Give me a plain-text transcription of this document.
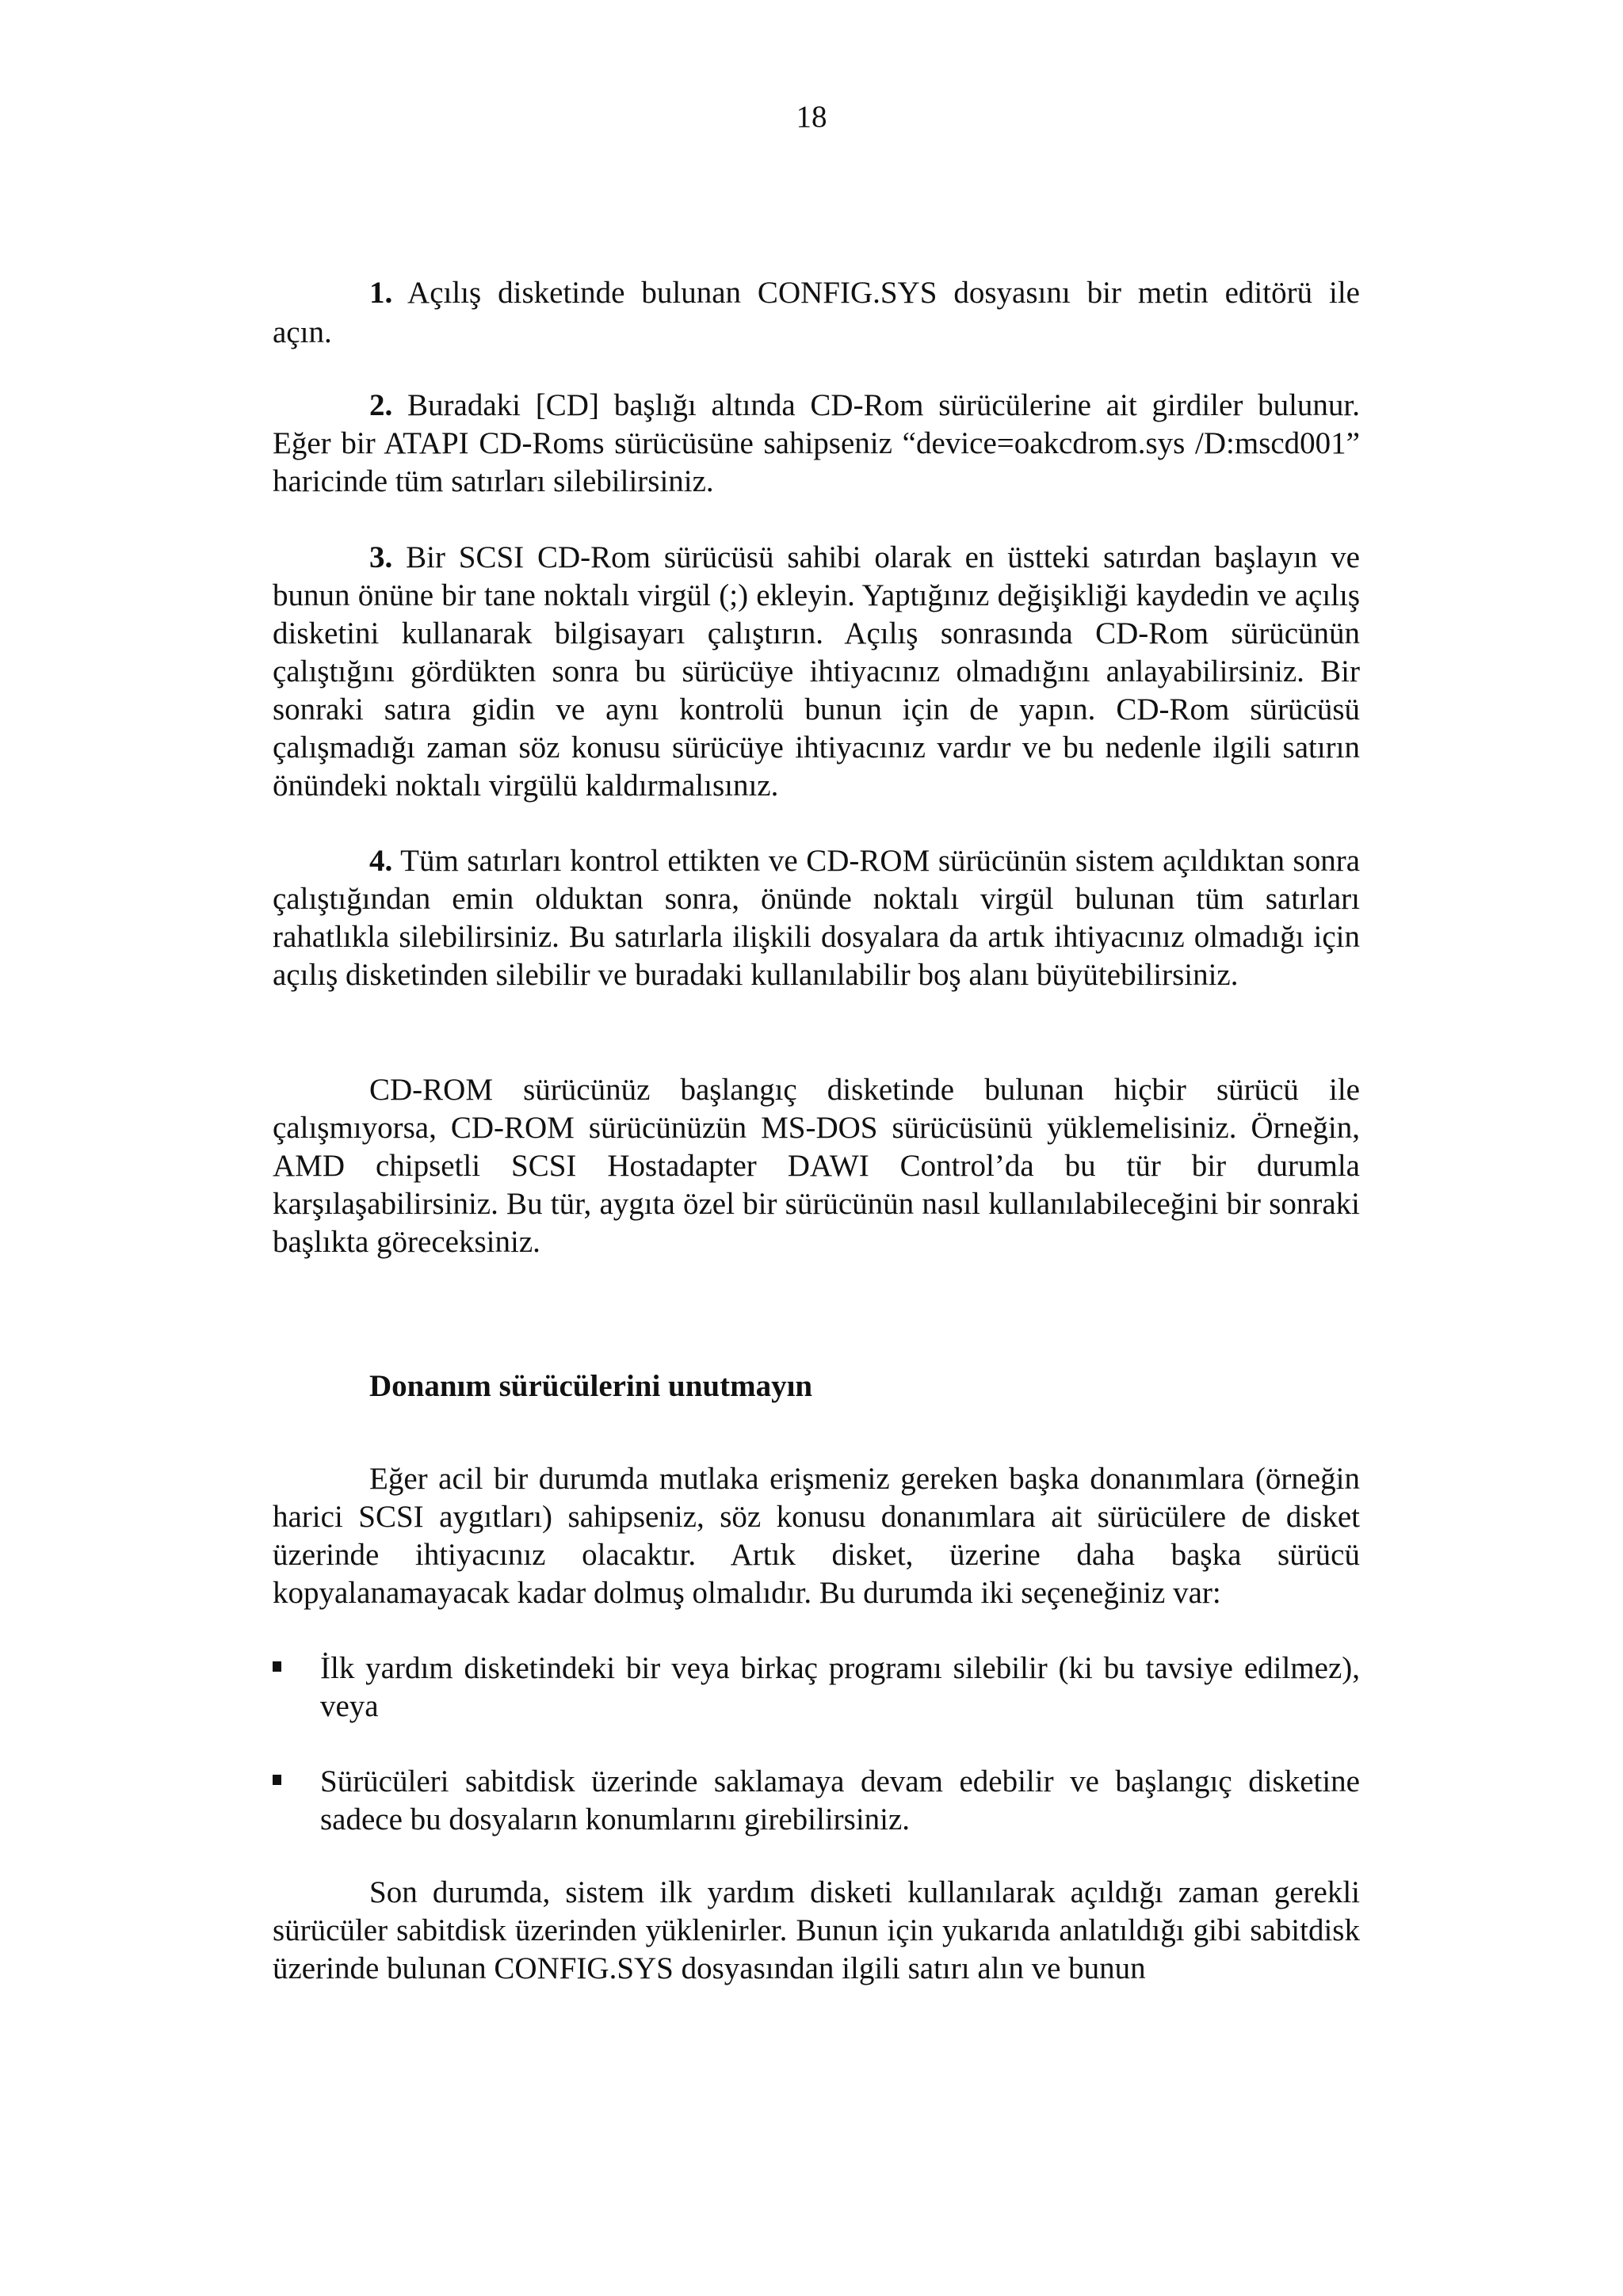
18

1. Açılış disketinde bulunan CONFIG.SYS dosyasını bir metin editörü ile

açın.

2. Buradaki [CD] başlığı altında CD-Rom sürücülerine ait girdiler bulunur. Eğer bir ATAPI CD-Roms sürücüsüne sahipseniz “device=oakcdrom.sys /D:mscd001” haricinde tüm satırları silebilirsiniz.

3. Bir SCSI CD-Rom sürücüsü sahibi olarak en üstteki satırdan başlayın ve bunun önüne bir tane noktalı virgül (;) ekleyin. Yaptığınız değişikliği kaydedin ve açılış disketini kullanarak bilgisayarı çalıştırın. Açılış sonrasında CD-Rom sürücünün çalıştığını gördükten sonra bu sürücüye ihtiyacınız olmadığını anlayabilirsiniz. Bir sonraki satıra gidin ve aynı kontrolü bunun için de yapın. CD-Rom sürücüsü çalışmadığı zaman söz konusu sürücüye ihtiyacınız vardır ve bu nedenle ilgili satırın önündeki noktalı virgülü kaldırmalısınız.

4. Tüm satırları kontrol ettikten ve CD-ROM sürücünün sistem açıldıktan sonra çalıştığından emin olduktan sonra, önünde noktalı virgül bulunan tüm satırları rahatlıkla silebilirsiniz. Bu satırlarla ilişkili dosyalara da artık ihtiyacınız olmadığı için açılış disketinden silebilir ve buradaki kullanılabilir boş alanı büyütebilirsiniz.

CD-ROM sürücünüz başlangıç disketinde bulunan hiçbir sürücü ile çalışmıyorsa, CD-ROM sürücünüzün MS-DOS sürücüsünü yüklemelisiniz. Örneğin, AMD chipsetli SCSI Hostadapter DAWI Control’da bu tür bir durumla karşılaşabilirsiniz. Bu tür, aygıta özel bir sürücünün nasıl kullanılabileceğini bir sonraki başlıkta göreceksiniz.

Donanım sürücülerini unutmayın

Eğer acil bir durumda mutlaka erişmeniz gereken başka donanımlara (örneğin harici SCSI aygıtları) sahipseniz, söz konusu donanımlara ait sürücülere de disket üzerinde ihtiyacınız olacaktır. Artık disket, üzerine daha başka sürücü kopyalanamayacak kadar dolmuş olmalıdır. Bu durumda iki seçeneğiniz var:

İlk yardım disketindeki bir veya birkaç programı silebilir (ki bu tavsiye edilmez), veya
Sürücüleri sabitdisk üzerinde saklamaya devam edebilir ve başlangıç disketine sadece bu dosyaların konumlarını girebilirsiniz.

Son durumda, sistem ilk yardım disketi kullanılarak açıldığı zaman gerekli sürücüler sabitdisk üzerinden yüklenirler. Bunun için yukarıda anlatıldığı gibi sabitdisk üzerinde bulunan CONFIG.SYS dosyasından ilgili satırı alın ve bunun
